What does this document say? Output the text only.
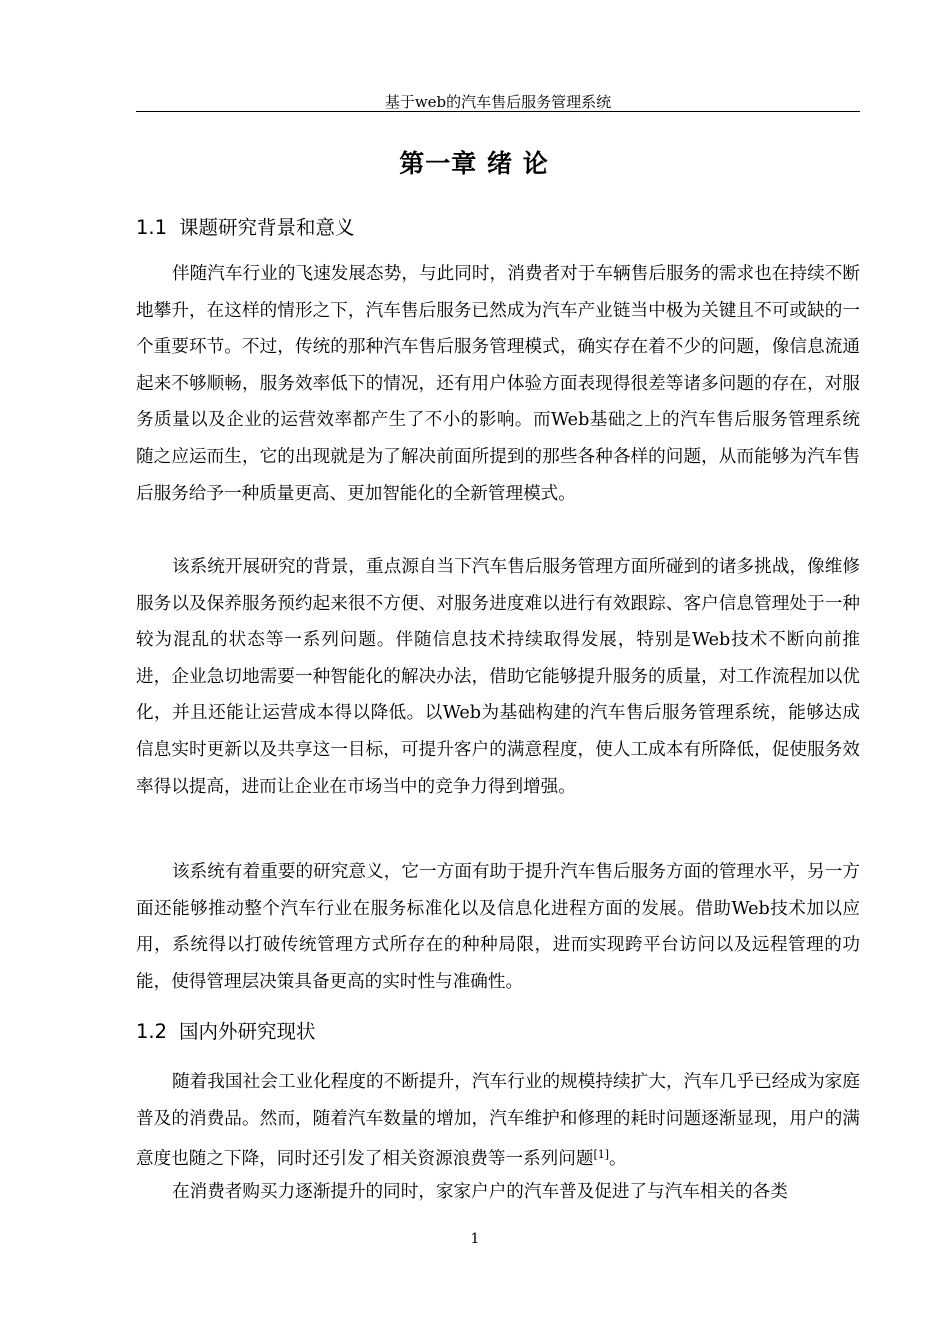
基于web的汽车售后服务管理系统
第一章 绪 论
1.1 课题研究背景和意义

伴随汽车行业的飞速发展态势，与此同时，消费者对于车辆售后服务的需求也在持续不断地攀升，在这样的情形之下，汽车售后服务已然成为汽车产业链当中极为关键且不可或缺的一个重要环节。不过，传统的那种汽车售后服务管理模式，确实存在着不少的问题，像信息流通起来不够顺畅，服务效率低下的情况，还有用户体验方面表现得很差等诸多问题的存在，对服务质量以及企业的运营效率都产生了不小的影响。而Web基础之上的汽车售后服务管理系统随之应运而生，它的出现就是为了解决前面所提到的那些各种各样的问题，从而能够为汽车售后服务给予一种质量更高、更加智能化的全新管理模式。

该系统开展研究的背景，重点源自当下汽车售后服务管理方面所碰到的诸多挑战，像维修服务以及保养服务预约起来很不方便、对服务进度难以进行有效跟踪、客户信息管理处于一种较为混乱的状态等一系列问题。伴随信息技术持续取得发展，特别是Web技术不断向前推进，企业急切地需要一种智能化的解决办法，借助它能够提升服务的质量，对工作流程加以优化，并且还能让运营成本得以降低。以Web为基础构建的汽车售后服务管理系统，能够达成信息实时更新以及共享这一目标，可提升客户的满意程度，使人工成本有所降低，促使服务效率得以提高，进而让企业在市场当中的竞争力得到增强。

该系统有着重要的研究意义，它一方面有助于提升汽车售后服务方面的管理水平，另一方面还能够推动整个汽车行业在服务标准化以及信息化进程方面的发展。借助Web技术加以应用，系统得以打破传统管理方式所存在的种种局限，进而实现跨平台访问以及远程管理的功能，使得管理层决策具备更高的实时性与准确性。

1.2 国内外研究现状

随着我国社会工业化程度的不断提升，汽车行业的规模持续扩大，汽车几乎已经成为家庭普及的消费品。然而，随着汽车数量的增加，汽车维护和修理的耗时问题逐渐显现，用户的满意度也随之下降，同时还引发了相关资源浪费等一系列问题[1]。

在消费者购买力逐渐提升的同时，家家户户的汽车普及促进了与汽车相关的各类

1
